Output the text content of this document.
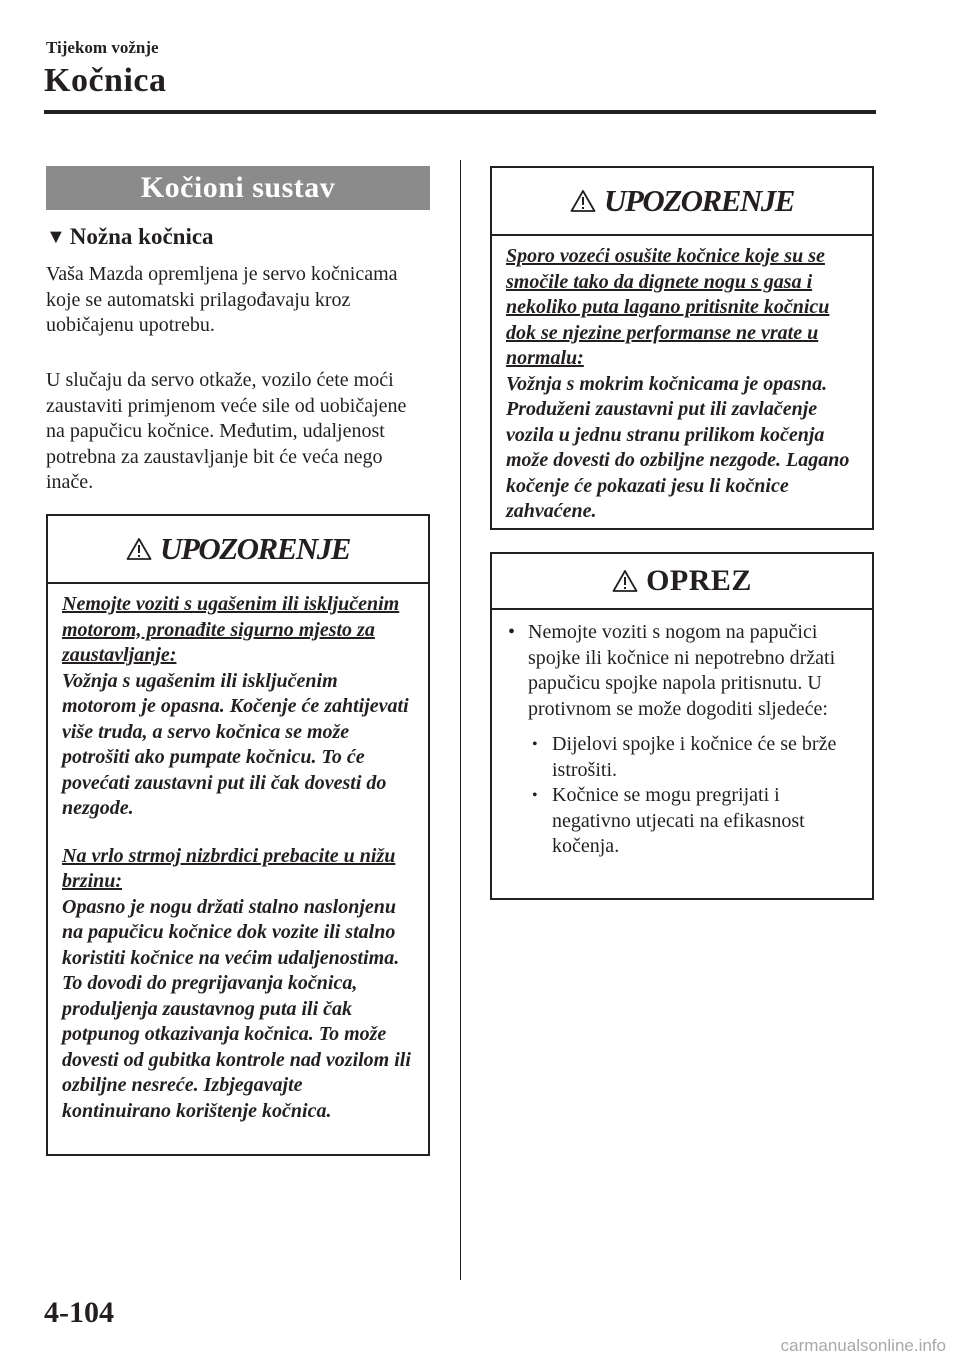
Tijekom vožnje
Kočnica
Kočioni sustav
▼ Nožna kočnica
Vaša Mazda opremljena je servo kočnicama koje se automatski prilagođavaju kroz uobičajenu upotrebu.
U slučaju da servo otkaže, vozilo ćete moći zaustaviti primjenom veće sile od uobičajene na papučicu kočnice. Međutim, udaljenost potrebna za zaustavljanje bit će veća nego inače.
UPOZORENJE

Nemojte voziti s ugašenim ili isključenim motorom, pronađite sigurno mjesto za zaustavljanje:

Vožnja s ugašenim ili isključenim motorom je opasna. Kočenje će zahtijevati više truda, a servo kočnica se može potrošiti ako pumpate kočnicu. To će povećati zaustavni put ili čak dovesti do nezgode.

Na vrlo strmoj nizbrdici prebacite u nižu brzinu:

Opasno je nogu držati stalno naslonjenu na papučicu kočnice dok vozite ili stalno koristiti kočnice na većim udaljenostima. To dovodi do pregrijavanja kočnica, produljenja zaustavnog puta ili čak potpunog otkazivanja kočnica. To može dovesti od gubitka kontrole nad vozilom ili ozbiljne nesreće. Izbjegavajte kontinuirano korištenje kočnica.

UPOZORENJE

Sporo vozeći osušite kočnice koje su se smočile tako da dignete nogu s gasa i nekoliko puta lagano pritisnite kočnicu dok se njezine performanse ne vrate u normalu:

Vožnja s mokrim kočnicama je opasna. Produženi zaustavni put ili zavlačenje vozila u jednu stranu prilikom kočenja može dovesti do ozbiljne nezgode. Lagano kočenje će pokazati jesu li kočnice zahvaćene.

OPREZ
• Nemojte voziti s nogom na papučici spojke ili kočnice ni nepotrebno držati papučicu spojke napola pritisnutu. U protivnom se može dogoditi sljedeće:
• Dijelovi spojke i kočnice će se brže istrošiti.
• Kočnice se mogu pregrijati i negativno utjecati na efikasnost kočenja.
4-104
carmanualsonline.info
